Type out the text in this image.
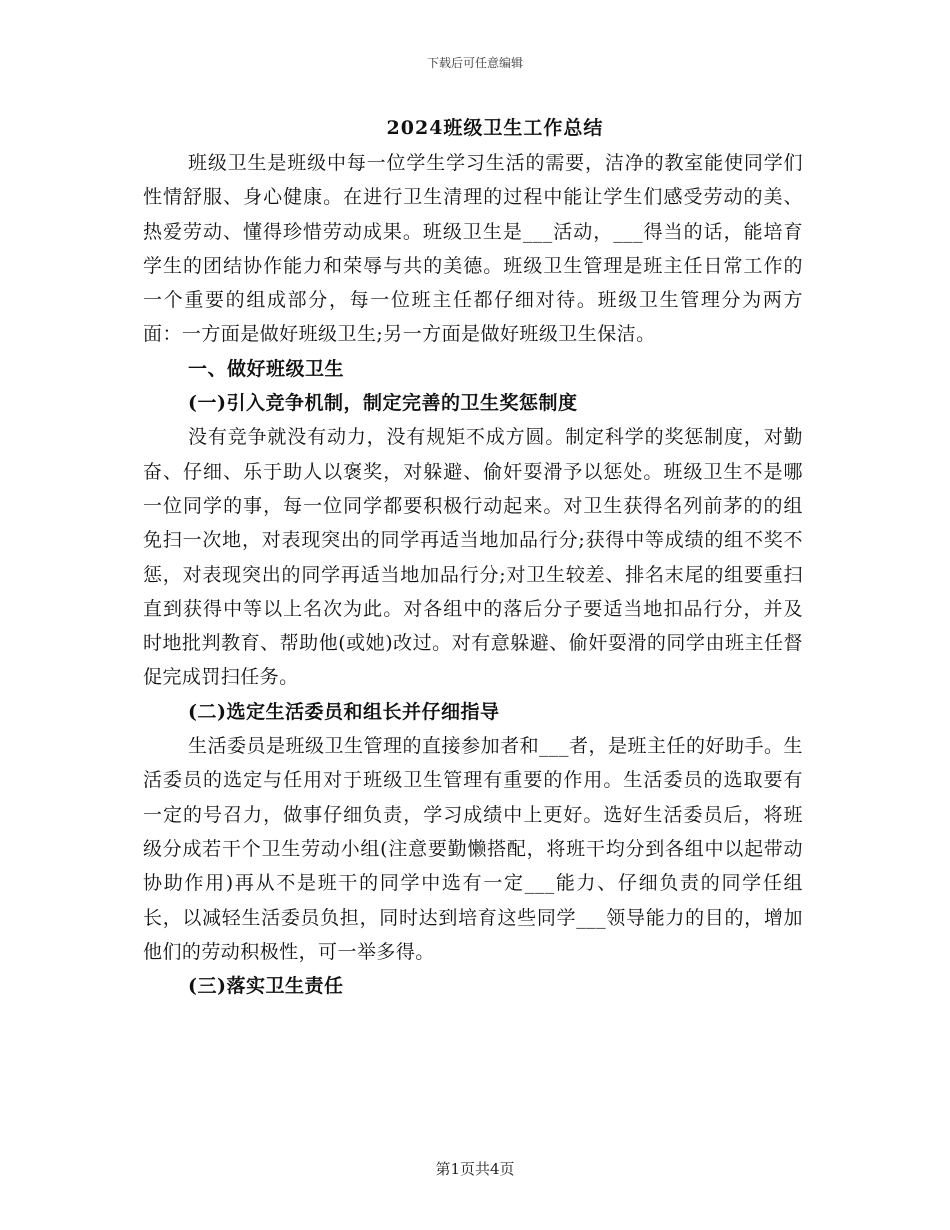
下载后可任意编辑
2024班级卫生工作总结

班级卫生是班级中每一位学生学习生活的需要，洁净的教室能使同学们性情舒服、身心健康。在进行卫生清理的过程中能让学生们感受劳动的美、热爱劳动、懂得珍惜劳动成果。班级卫生是___活动，___得当的话，能培育学生的团结协作能力和荣辱与共的美德。班级卫生管理是班主任日常工作的一个重要的组成部分，每一位班主任都仔细对待。班级卫生管理分为两方面：一方面是做好班级卫生;另一方面是做好班级卫生保洁。

一、做好班级卫生

(一)引入竞争机制，制定完善的卫生奖惩制度

没有竞争就没有动力，没有规矩不成方圆。制定科学的奖惩制度，对勤奋、仔细、乐于助人以褒奖，对躲避、偷奸耍滑予以惩处。班级卫生不是哪一位同学的事，每一位同学都要积极行动起来。对卫生获得名列前茅的的组免扫一次地，对表现突出的同学再适当地加品行分;获得中等成绩的组不奖不惩，对表现突出的同学再适当地加品行分;对卫生较差、排名末尾的组要重扫直到获得中等以上名次为此。对各组中的落后分子要适当地扣品行分，并及时地批判教育、帮助他(或她)改过。对有意躲避、偷奸耍滑的同学由班主任督促完成罚扫任务。

(二)选定生活委员和组长并仔细指导

生活委员是班级卫生管理的直接参加者和___者，是班主任的好助手。生活委员的选定与任用对于班级卫生管理有重要的作用。生活委员的选取要有一定的号召力，做事仔细负责，学习成绩中上更好。选好生活委员后，将班级分成若干个卫生劳动小组(注意要勤懒搭配，将班干均分到各组中以起带动协助作用)再从不是班干的同学中选有一定___能力、仔细负责的同学任组长，以减轻生活委员负担，同时达到培育这些同学___领导能力的目的，增加他们的劳动积极性，可一举多得。

(三)落实卫生责任

第1页共4页
